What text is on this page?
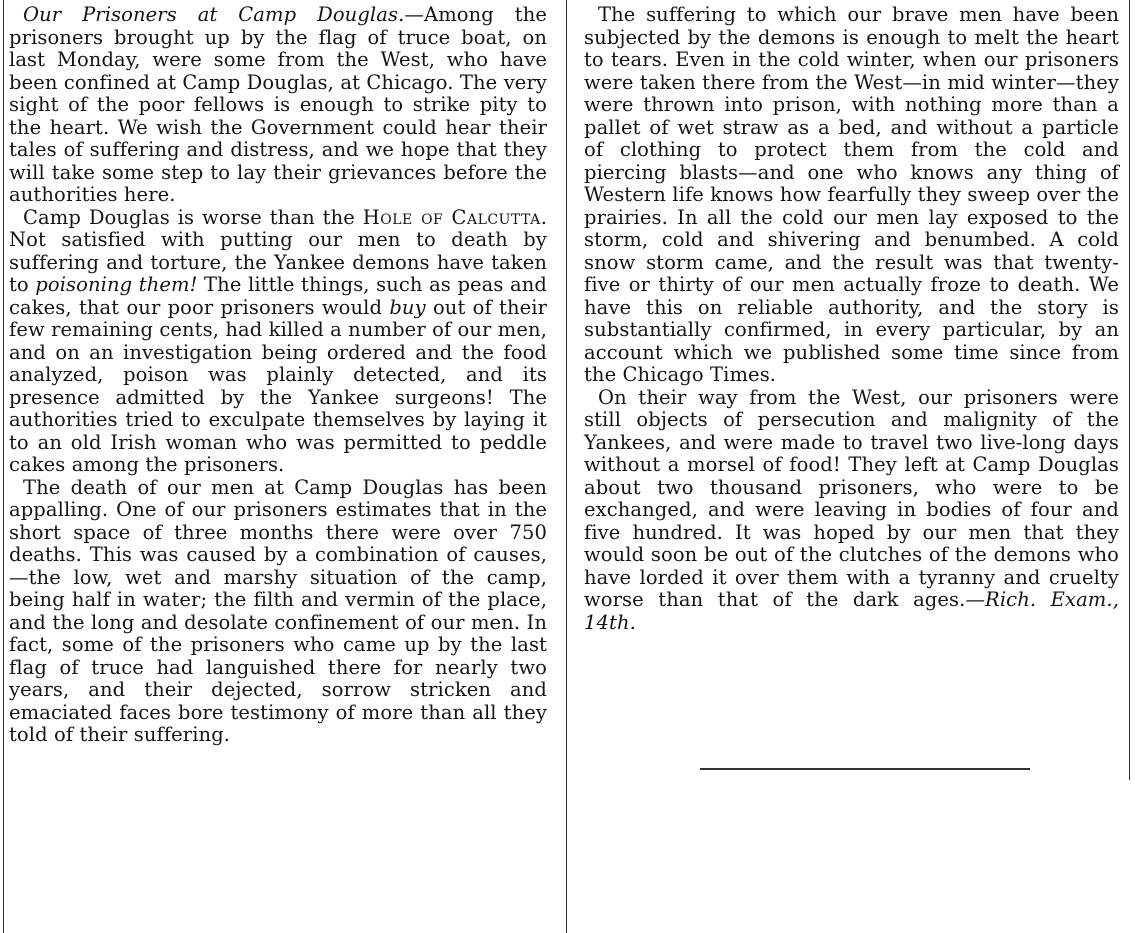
Our Prisoners at Camp Douglas.—Among the prisoners brought up by the flag of truce boat, on last Monday, were some from the West, who have been confined at Camp Douglas, at Chicago. The very sight of the poor fellows is enough to strike pity to the heart. We wish the Government could hear their tales of suffering and distress, and we hope that they will take some step to lay their grievances before the authorities here.

Camp Douglas is worse than the Hole of Calcutta. Not satisfied with putting our men to death by suffering and torture, the Yankee demons have taken to poisoning them! The little things, such as peas and cakes, that our poor prisoners would buy out of their few remaining cents, had killed a number of our men, and on an investigation being ordered and the food analyzed, poison was plainly detected, and its presence admitted by the Yankee surgeons! The authorities tried to exculpate themselves by laying it to an old Irish woman who was permitted to peddle cakes among the prisoners.

The death of our men at Camp Douglas has been appalling. One of our prisoners estimates that in the short space of three months there were over 750 deaths. This was caused by a combination of causes,—the low, wet and marshy situation of the camp, being half in water; the filth and vermin of the place, and the long and desolate confinement of our men. In fact, some of the prisoners who came up by the last flag of truce had languished there for nearly two years, and their dejected, sorrow stricken and emaciated faces bore testimony of more than all they told of their suffering.

The suffering to which our brave men have been subjected by the demons is enough to melt the heart to tears. Even in the cold winter, when our prisoners were taken there from the West—in mid winter—they were thrown into prison, with nothing more than a pallet of wet straw as a bed, and without a particle of clothing to protect them from the cold and piercing blasts—and one who knows any thing of Western life knows how fearfully they sweep over the prairies. In all the cold our men lay exposed to the storm, cold and shivering and benumbed. A cold snow storm came, and the result was that twenty-five or thirty of our men actually froze to death. We have this on reliable authority, and the story is substantially confirmed, in every particular, by an account which we published some time since from the Chicago Times.

On their way from the West, our prisoners were still objects of persecution and malignity of the Yankees, and were made to travel two live-long days without a morsel of food! They left at Camp Douglas about two thousand prisoners, who were to be exchanged, and were leaving in bodies of four and five hundred. It was hoped by our men that they would soon be out of the clutches of the demons who have lorded it over them with a tyranny and cruelty worse than that of the dark ages.—Rich. Exam., 14th.
